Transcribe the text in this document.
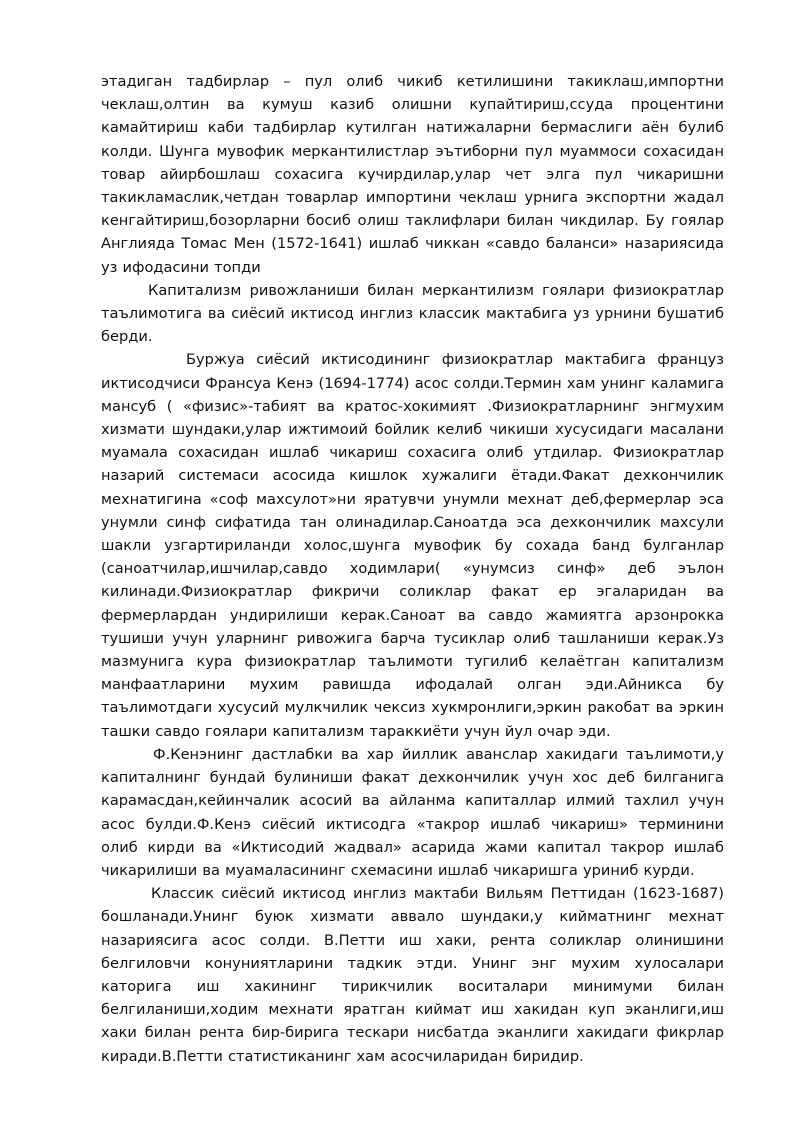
этадиган тадбирлар – пул олиб чикиб кетилишини такиклаш,импортни чеклаш,олтин ва кумуш казиб олишни купайтириш,ссуда процентини камайтириш каби тадбирлар кутилган натижаларни бермаслиги аён булиб колди. Шунга мувофик меркантилистлар эътиборни пул муаммоси сохасидан товар айирбошлаш сохасига кучирдилар,улар чет элга пул чикаришни такикламаслик,четдан товарлар импортини чеклаш урнига экспортни жадал кенгайтириш,бозорларни босиб олиш таклифлари билан чикдилар. Бу гоялар Англияда Томас Мен (1572-1641) ишлаб чиккан «савдо баланси» назариясида уз ифодасини топди

Капитализм ривожланиши билан меркантилизм гоялари физиократлар таълимотига ва сиёсий иктисод инглиз классик мактабига уз урнини бушатиб берди.

Буржуа сиёсий иктисодининг физиократлар мактабига француз иктисодчиси Франсуа Кенэ (1694-1774) асос солди.Термин хам унинг каламига мансуб ( «физис»-табият ва кратос-хокимият .Физиократларнинг энгмухим хизмати шундаки,улар ижтимоий бойлик келиб чикиши хусусидаги масалани муамала сохасидан ишлаб чикариш сохасига олиб утдилар. Физиократлар назарий системаси асосида кишлок хужалиги ётади.Факат дехкончилик мехнатигина «соф махсулот»ни яратувчи унумли мехнат деб,фермерлар эса унумли синф сифатида тан олинадилар.Саноатда эса дехкончилик махсули шакли узгартириланди холос,шунга мувофик бу сохада банд булганлар (саноатчилар,ишчилар,савдо ходимлари( «унумсиз синф» деб эълон килинади.Физиократлар фикричи соликлар факат ер эгаларидан ва фермерлардан ундирилиши керак.Саноат ва савдо жамиятга арзонрокка тушиши учун уларнинг ривожига барча тусиклар олиб ташланиши керак.Уз мазмунига кура физиократлар таълимоти тугилиб келаётган капитализм манфаатларини мухим равишда ифодалай олган эди.Айникса бу таълимотдаги хусусий мулкчилик чексиз хукмронлиги,эркин ракобат ва эркин ташки савдо гоялари капитализм тараккиёти учун йул очар эди.

Ф.Кенэнинг дастлабки ва хар йиллик аванслар хакидаги таълимоти,у капиталнинг бундай булиниши факат дехкончилик учун хос деб билганига карамасдан,кейинчалик асосий ва айланма капиталлар илмий тахлил учун асос булди.Ф.Кенэ сиёсий иктисодга «такрор ишлаб чикариш» терминини олиб кирди ва «Иктисодий жадвал» асарида жами капитал такрор ишлаб чикарилиши ва муамаласининг схемасини ишлаб чикаришга уриниб курди.

Классик сиёсий иктисод инглиз мактаби Вильям Петтидан (1623-1687) бошланади.Унинг буюк хизмати аввало шундаки,у кийматнинг мехнат назариясига асос солди. В.Петти иш хаки, рента соликлар олинишини белгиловчи конуниятларини тадкик этди. Унинг энг мухим хулосалари каторига иш хакининг тирикчилик воситалари минимуми билан белгиланиши,ходим мехнати яратган киймат иш хакидан куп эканлиги,иш хаки билан рента бир-бирига тескари нисбатда эканлиги хакидаги фикрлар киради.В.Петти статистиканинг хам асосчиларидан биридир.
